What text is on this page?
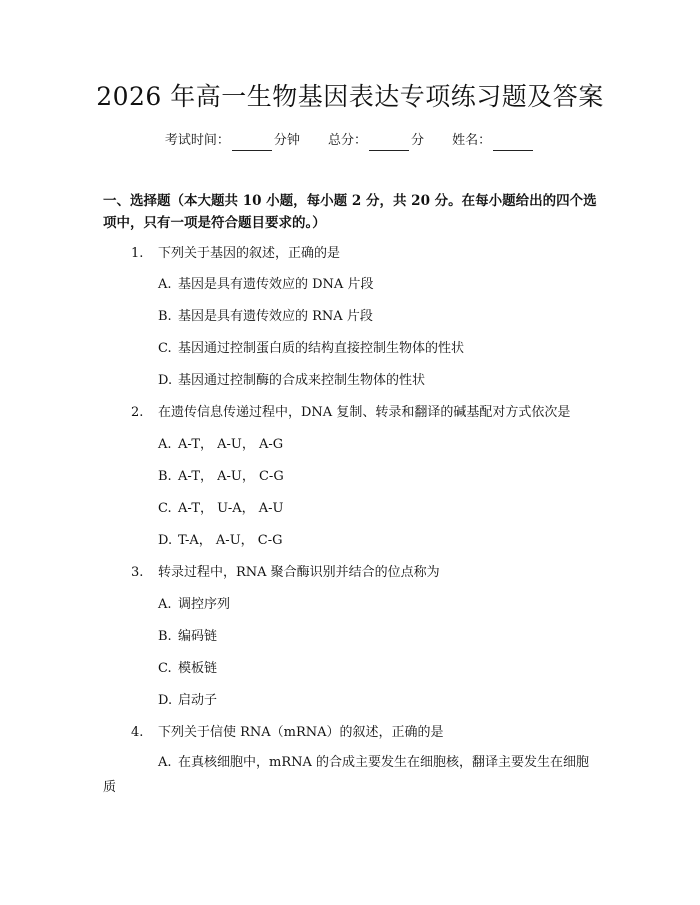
2026 年高一生物基因表达专项练习题及答案
考试时间：	分钟 总分：	分 姓名：
一、选择题（本大题共 10 小题，每小题 2 分，共 20 分。在每小题给出的四个选项中，只有一项是符合题目要求的。）
1. 下列关于基因的叙述，正确的是
A. 基因是具有遗传效应的 DNA 片段
B. 基因是具有遗传效应的 RNA 片段
C. 基因通过控制蛋白质的结构直接控制生物体的性状
D. 基因通过控制酶的合成来控制生物体的性状
2. 在遗传信息传递过程中，DNA 复制、转录和翻译的碱基配对方式依次是
A. A-T， A-U， A-G
B. A-T， A-U， C-G
C. A-T， U-A， A-U
D. T-A， A-U， C-G
3. 转录过程中，RNA 聚合酶识别并结合的位点称为
A. 调控序列
B. 编码链
C. 模板链
D. 启动子
4. 下列关于信使 RNA（mRNA）的叙述，正确的是
A. 在真核细胞中，mRNA 的合成主要发生在细胞核，翻译主要发生在细胞质
